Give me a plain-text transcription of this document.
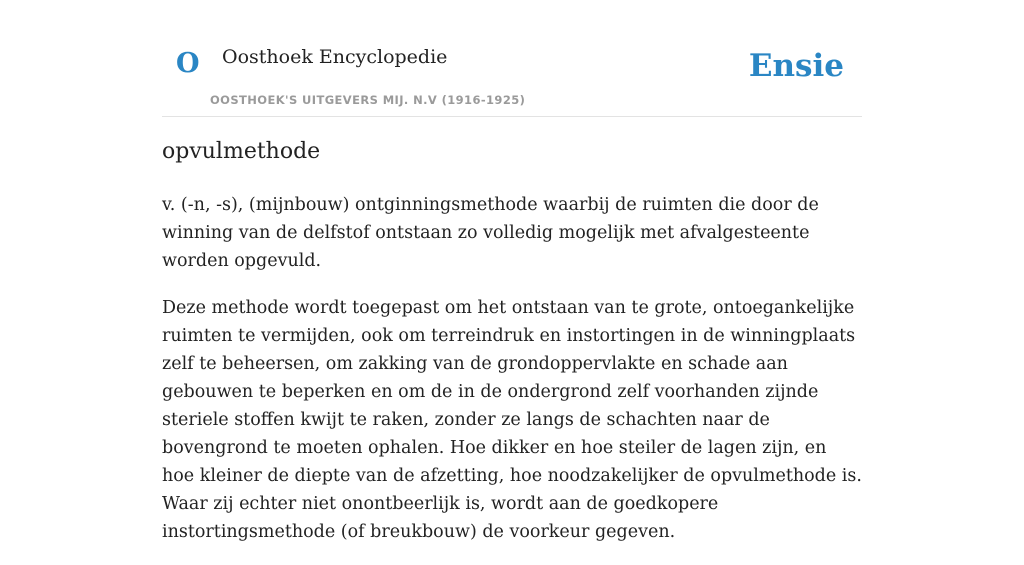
O Oosthoek Encyclopedie
OOSTHOEK'S UITGEVERS MIJ. N.V (1916-1925)
Ensie
opvulmethode

v. (-n, -s), (mijnbouw) ontginningsmethode waarbij de ruimten die door de winning van de delfstof ontstaan zo volledig mogelijk met afvalgesteente worden opgevuld.

Deze methode wordt toegepast om het ontstaan van te grote, ontoegankelijke ruimten te vermijden, ook om terreindruk en instortingen in de winningplaats zelf te beheersen, om zakking van de grondoppervlakte en schade aan gebouwen te beperken en om de in de ondergrond zelf voorhanden zijnde steriele stoffen kwijt te raken, zonder ze langs de schachten naar de bovengrond te moeten ophalen. Hoe dikker en hoe steiler de lagen zijn, en hoe kleiner de diepte van de afzetting, hoe noodzakelijker de opvulmethode is. Waar zij echter niet onontbeerlijk is, wordt aan de goedkopere instortingsmethode (of breukbouw) de voorkeur gegeven.
